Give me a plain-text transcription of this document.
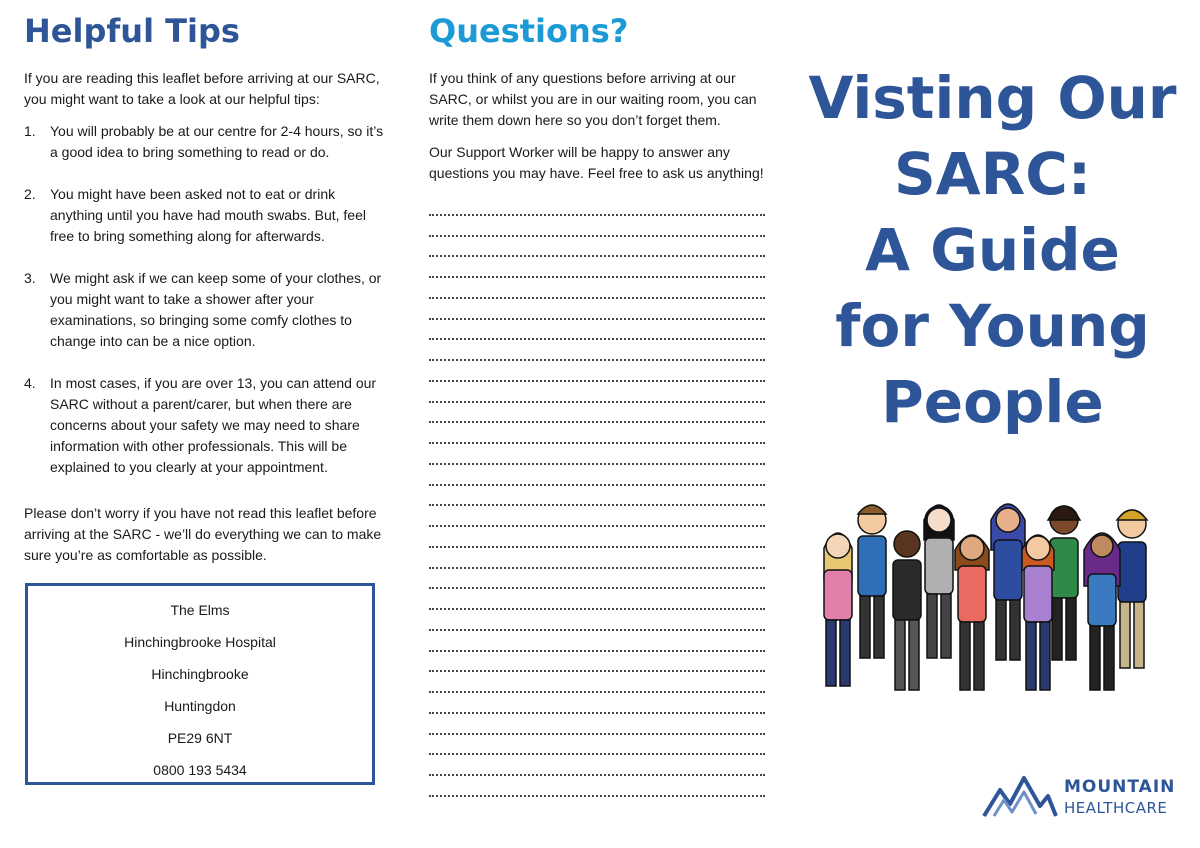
Helpful Tips

If you are reading this leaflet before arriving at our SARC, you might want to take a look at our helpful tips:

1. You will probably be at our centre for 2-4 hours, so it’s a good idea to bring something to read or do.
2. You might have been asked not to eat or drink anything until you have had mouth swabs. But, feel free to bring something along for afterwards.
3. We might ask if we can keep some of your clothes, or you might want to take a shower after your examinations, so bringing some comfy clothes to change into can be a nice option.
4. In most cases, if you are over 13, you can attend our SARC without a parent/carer, but when there are concerns about your safety we may need to share information with other professionals. This will be explained to you clearly at your appointment.

Please don’t worry if you have not read this leaflet before arriving at the SARC - we’ll do everything we can to make sure you’re as comfortable as possible.

The Elms
Hinchingbrooke Hospital
Hinchingbrooke
Huntingdon
PE29 6NT
0800 193 5434
Questions?

If you think of any questions before arriving at our SARC, or whilst you are in our waiting room, you can write them down here so you don’t forget them.

Our Support Worker will be happy to answer any questions you may have. Feel free to ask us anything!

Visting Our
SARC:
A Guide
for Young
People
MOUNTAIN
HEALTHCARE
